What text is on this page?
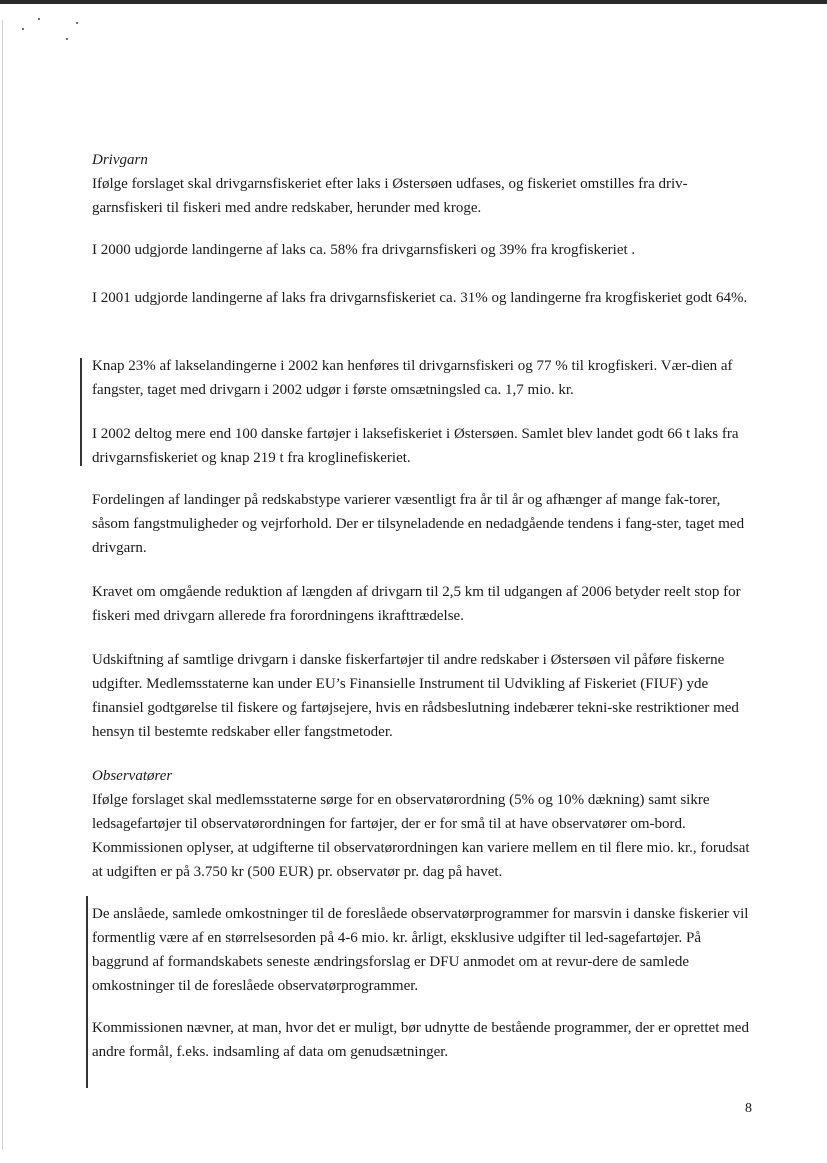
Drivgarn

Ifølge forslaget skal drivgarnsfiskeriet efter laks i Østersøen udfases, og fiskeriet omstilles fra driv-garnsfiskeri til fiskeri med andre redskaber, herunder med kroge.

I 2000 udgjorde landingerne af laks ca. 58% fra drivgarnsfiskeri og 39% fra krogfiskeriet .

I 2001 udgjorde landingerne af laks fra drivgarnsfiskeriet ca. 31% og landingerne fra krogfiskeriet godt 64%.

Knap 23% af lakselandingerne i 2002 kan henføres til drivgarnsfiskeri og 77 % til krogfiskeri. Vær-dien af fangster, taget med drivgarn i 2002 udgør i første omsætningsled ca. 1,7 mio. kr.

I 2002 deltog mere end 100 danske fartøjer i laksefiskeriet i Østersøen. Samlet blev landet godt 66 t laks fra drivgarnsfiskeriet og knap 219 t fra kroglinefiskeriet.

Fordelingen af landinger på redskabstype varierer væsentligt fra år til år og afhænger af mange fak-torer, såsom fangstmuligheder og vejrforhold. Der er tilsyneladende en nedadgående tendens i fang-ster, taget med drivgarn.

Kravet om omgående reduktion af længden af drivgarn til 2,5 km til udgangen af 2006 betyder reelt stop for fiskeri med drivgarn allerede fra forordningens ikrafttrædelse.

Udskiftning af samtlige drivgarn i danske fiskerfartøjer til andre redskaber i Østersøen vil påføre fiskerne udgifter. Medlemsstaterne kan under EU’s Finansielle Instrument til Udvikling af Fiskeriet (FIUF) yde finansiel godtgørelse til fiskere og fartøjsejere, hvis en rådsbeslutning indebærer tekni-ske restriktioner med hensyn til bestemte redskaber eller fangstmetoder.

Observatører

Ifølge forslaget skal medlemsstaterne sørge for en observatørordning (5% og 10% dækning) samt sikre ledsagefartøjer til observatørordningen for fartøjer, der er for små til at have observatører om-bord. Kommissionen oplyser, at udgifterne til observatørordningen kan variere mellem en til flere mio. kr., forudsat at udgiften er på 3.750 kr (500 EUR) pr. observatør pr. dag på havet.

De anslåede, samlede omkostninger til de foreslåede observatørprogrammer for marsvin i danske fiskerier vil formentlig være af en størrelsesorden på 4-6 mio. kr. årligt, eksklusive udgifter til led-sagefartøjer. På baggrund af formandskabets seneste ændringsforslag er DFU anmodet om at revur-dere de samlede omkostninger til de foreslåede observatørprogrammer.

Kommissionen nævner, at man, hvor det er muligt, bør udnytte de bestående programmer, der er oprettet med andre formål, f.eks. indsamling af data om genudsætninger.

8
